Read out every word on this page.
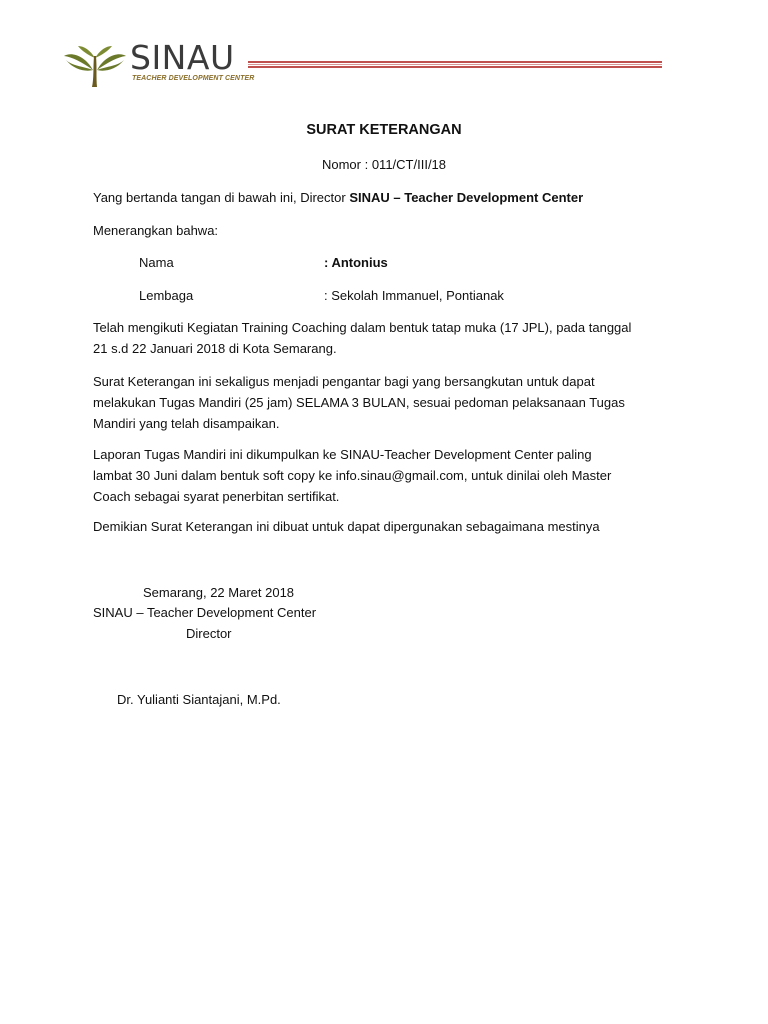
SINAU
TEACHER DEVELOPMENT CENTER
SURAT KETERANGAN
Nomor : 011/CT/III/18
Yang bertanda tangan di bawah ini, Director SINAU – Teacher Development Center
Menerangkan bahwa:
Nama	: Antonius
Lembaga	: Sekolah Immanuel, Pontianak
Telah mengikuti Kegiatan Training Coaching dalam bentuk tatap muka (17 JPL), pada tanggal
21 s.d 22 Januari 2018 di Kota Semarang.
Surat Keterangan ini sekaligus menjadi pengantar bagi yang bersangkutan untuk dapat
melakukan Tugas Mandiri (25 jam) SELAMA 3 BULAN, sesuai pedoman pelaksanaan Tugas
Mandiri yang telah disampaikan.
Laporan Tugas Mandiri ini dikumpulkan ke SINAU-Teacher Development Center paling
lambat 30 Juni dalam bentuk soft copy ke info.sinau@gmail.com, untuk dinilai oleh Master
Coach sebagai syarat penerbitan sertifikat.
Demikian Surat Keterangan ini dibuat untuk dapat dipergunakan sebagaimana mestinya
Semarang, 22 Maret 2018
SINAU – Teacher Development Center
Director
Dr. Yulianti Siantajani, M.Pd.
